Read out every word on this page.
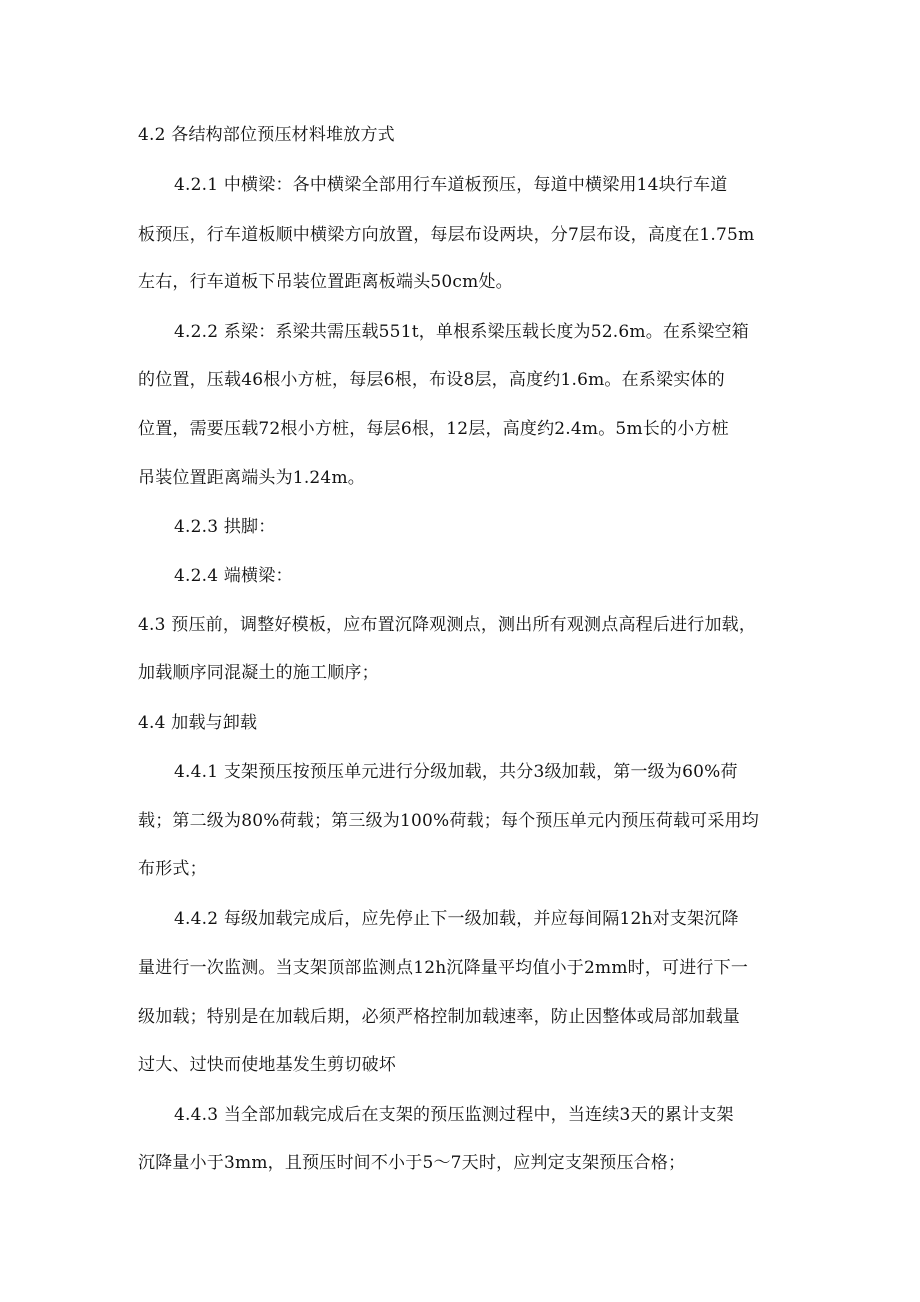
4.2 各结构部位预压材料堆放方式
4.2.1 中横梁：各中横梁全部用行车道板预压，每道中横梁用14块行车道
板预压，行车道板顺中横梁方向放置，每层布设两块，分7层布设，高度在1.75m
左右，行车道板下吊装位置距离板端头50cm处。
4.2.2 系梁：系梁共需压载551t，单根系梁压载长度为52.6m。在系梁空箱
的位置，压载46根小方桩，每层6根，布设8层，高度约1.6m。在系梁实体的
位置，需要压载72根小方桩，每层6根，12层，高度约2.4m。5m长的小方桩
吊装位置距离端头为1.24m。
4.2.3 拱脚：
4.2.4 端横梁：
4.3 预压前，调整好模板，应布置沉降观测点，测出所有观测点高程后进行加载，
加载顺序同混凝土的施工顺序；
4.4 加载与卸载
4.4.1 支架预压按预压单元进行分级加载，共分3级加载，第一级为60%荷
载；第二级为80%荷载；第三级为100%荷载；每个预压单元内预压荷载可采用均
布形式；
4.4.2 每级加载完成后，应先停止下一级加载，并应每间隔12h对支架沉降
量进行一次监测。当支架顶部监测点12h沉降量平均值小于2mm时，可进行下一
级加载；特别是在加载后期，必须严格控制加载速率，防止因整体或局部加载量
过大、过快而使地基发生剪切破坏
4.4.3 当全部加载完成后在支架的预压监测过程中，当连续3天的累计支架
沉降量小于3mm，且预压时间不小于5～7天时，应判定支架预压合格；
